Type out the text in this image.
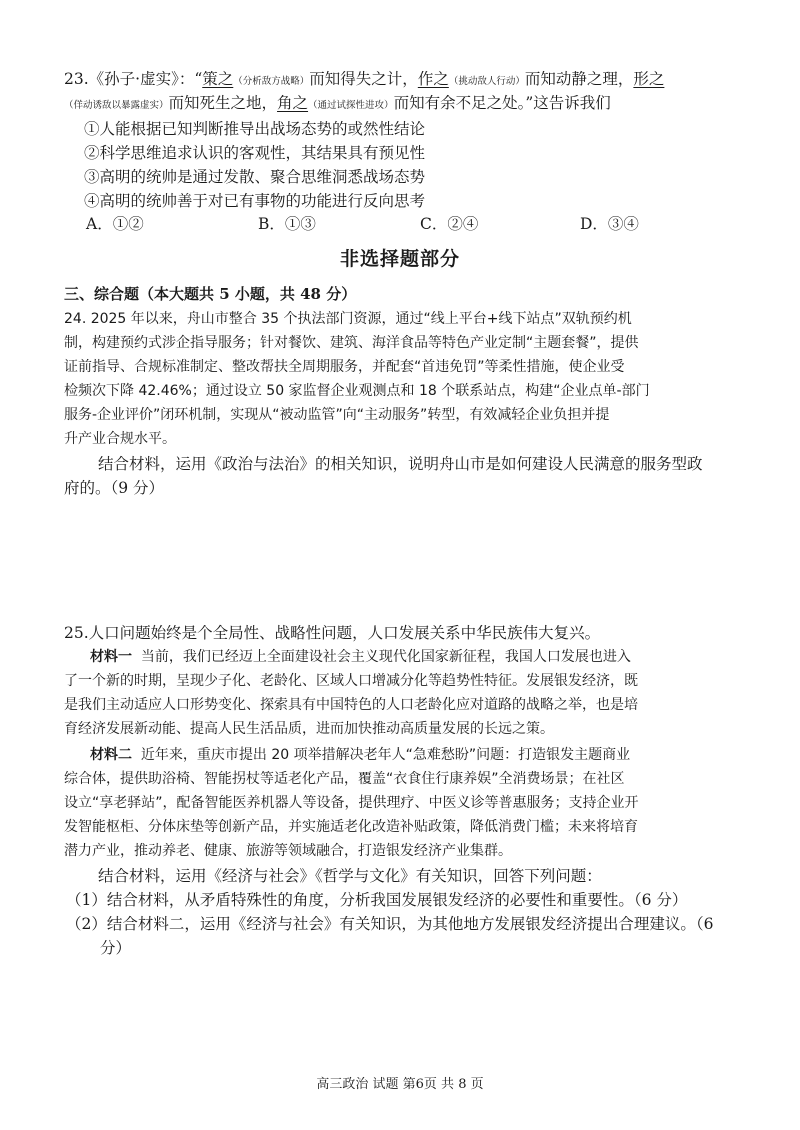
23.《孙子·虚实》：“策之（分析敌方战略）而知得失之计，作之（挑动敌人行动）而知动静之理，形之
（佯动诱敌以暴露虚实）而知死生之地，角之（通过试探性进攻）而知有余不足之处。”这告诉我们
①人能根据已知判断推导出战场态势的或然性结论
②科学思维追求认识的客观性，其结果具有预见性
③高明的统帅是通过发散、聚合思维洞悉战场态势
④高明的统帅善于对已有事物的功能进行反向思考
A．①②	B．①③	C．②④	D．③④
非选择题部分
三、综合题（本大题共 5 小题，共 48 分）
24. 2025 年以来，舟山市整合 35 个执法部门资源，通过“线上平台+线下站点”双轨预约机
制，构建预约式涉企指导服务；针对餐饮、建筑、海洋食品等特色产业定制“主题套餐”，提供
证前指导、合规标准制定、整改帮扶全周期服务，并配套“首违免罚”等柔性措施，使企业受
检频次下降 42.46%；通过设立 50 家监督企业观测点和 18 个联系站点，构建“企业点单-部门
服务-企业评价”闭环机制，实现从“被动监管”向“主动服务”转型，有效减轻企业负担并提
升产业合规水平。
结合材料，运用《政治与法治》的相关知识，说明舟山市是如何建设人民满意的服务型政
府的。（9 分）
25.人口问题始终是个全局性、战略性问题，人口发展关系中华民族伟大复兴。
材料一 当前，我们已经迈上全面建设社会主义现代化国家新征程，我国人口发展也进入
了一个新的时期，呈现少子化、老龄化、区域人口增减分化等趋势性特征。发展银发经济，既
是我们主动适应人口形势变化、探索具有中国特色的人口老龄化应对道路的战略之举，也是培
育经济发展新动能、提高人民生活品质，进而加快推动高质量发展的长远之策。
材料二 近年来，重庆市提出 20 项举措解决老年人“急难愁盼”问题：打造银发主题商业
综合体，提供助浴椅、智能拐杖等适老化产品，覆盖“衣食住行康养娱”全消费场景；在社区
设立“享老驿站”，配备智能医养机器人等设备，提供理疗、中医义诊等普惠服务；支持企业开
发智能枢柜、分体床垫等创新产品，并实施适老化改造补贴政策，降低消费门槛；未来将培育
潜力产业，推动养老、健康、旅游等领域融合，打造银发经济产业集群。
结合材料，运用《经济与社会》《哲学与文化》有关知识，回答下列问题：
（1）结合材料，从矛盾特殊性的角度，分析我国发展银发经济的必要性和重要性。（6 分）
（2）结合材料二，运用《经济与社会》有关知识，为其他地方发展银发经济提出合理建议。（6
分）
高三政治 试题 第6页 共 8 页
